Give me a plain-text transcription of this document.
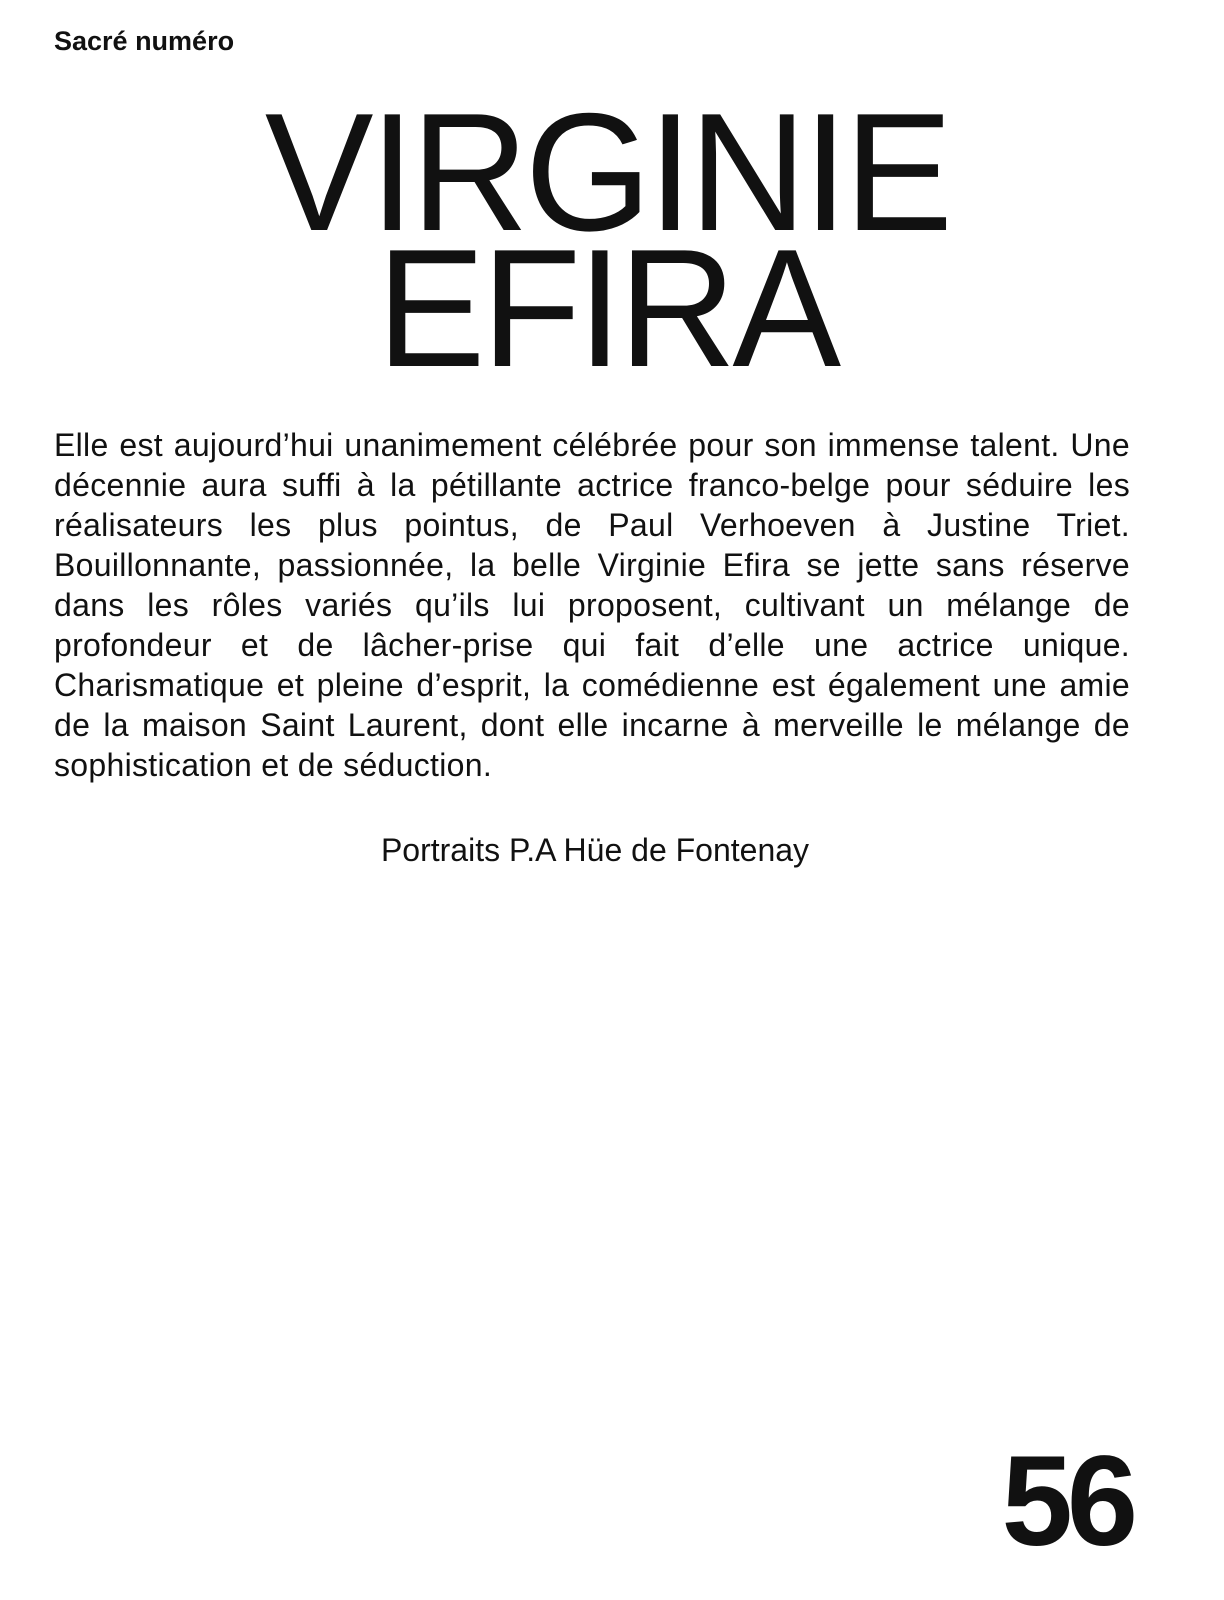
Sacré numéro
VIRGINIE
EFIRA

Elle est aujourd’hui unanimement célébrée pour son immense talent. Une décennie aura suffi à la pétillante actrice franco-belge pour séduire les réalisateurs les plus pointus, de Paul Verhoeven à Justine Triet. Bouillonnante, passionnée, la belle Virginie Efira se jette sans réserve dans les rôles variés qu’ils lui proposent, cultivant un mélange de profondeur et de lâcher-prise qui fait d’elle une actrice unique. Charismatique et pleine d’esprit, la comédienne est également une amie de la maison Saint Laurent, dont elle incarne à merveille le mélange de sophistication et de séduction.

Portraits P.A Hüe de Fontenay

56
